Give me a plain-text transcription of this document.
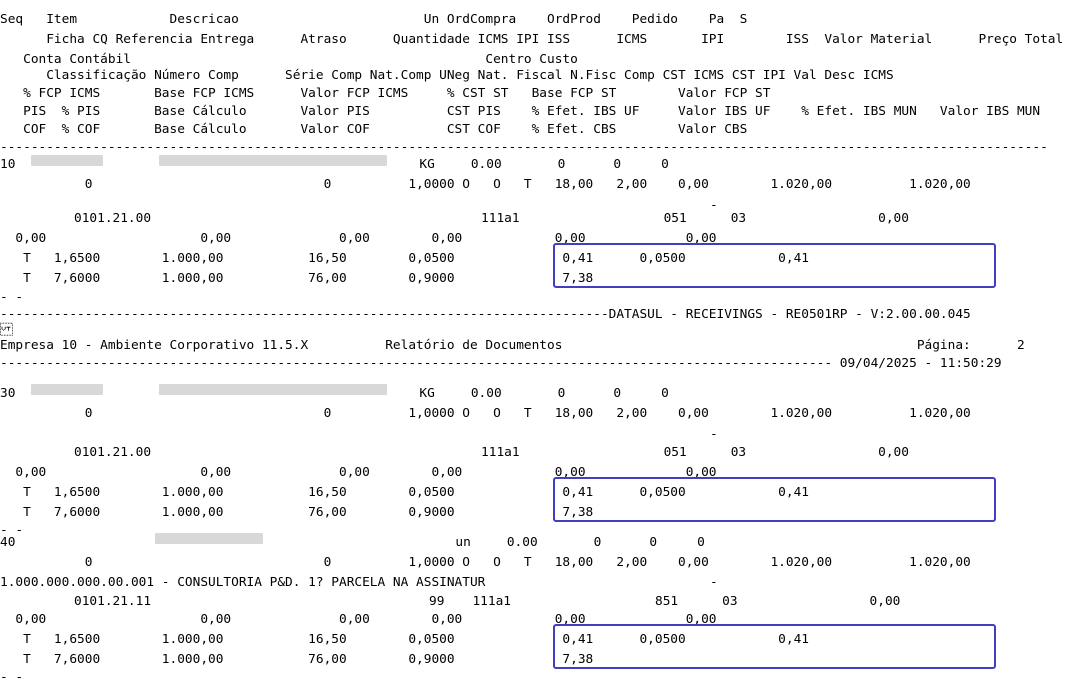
Seq   Item            Descricao                        Un OrdCompra    OrdProd    Pedido    Pa  S
Ficha CQ Referencia Entrega      Atraso      Quantidade ICMS IPI ISS      ICMS       IPI        ISS  Valor Material      Preço Total
Conta Contábil                                              Centro Custo
Classificação Número Comp      Série Comp Nat.Comp UNeg Nat. Fiscal N.Fisc Comp CST ICMS CST IPI Val Desc ICMS
% FCP ICMS       Base FCP ICMS      Valor FCP ICMS     % CST ST   Base FCP ST        Valor FCP ST
PIS  % PIS       Base Cálculo       Valor PIS          CST PIS    % Efet. IBS UF     Valor IBS UF    % Efet. IBS MUN   Valor IBS MUN
COF  % COF       Base Cálculo       Valor COF          CST COF    % Efet. CBS        Valor CBS
----------------------------------------------------------------------------------------------------------------------------------------
10	KG	0.00	0	0	0
0                              0          1,0000 O   O   T   18,00   2,00    0,00        1.020,00          1.020,00
-
0101.21.00	111a1	051	03	0,00
0,00                    0,00              0,00        0,00            0,00             0,00
T   1,6500        1.000,00           16,50        0,0500              0,41      0,0500            0,41
T   7,6000        1.000,00           76,00        0,9000              7,38
- -
-------------------------------------------------------------------------------DATASUL - RECEIVINGS - RE0501RP - V:2.00.00.045

Empresa 10 - Ambiente Corporativo 11.5.X          Relatório de Documentos                                              Página:      2
------------------------------------------------------------------------------------------------------------ 09/04/2025 - 11:50:29
30	KG	0.00	0	0	0
0                              0          1,0000 O   O   T   18,00   2,00    0,00        1.020,00          1.020,00
-
0101.21.00	111a1	051	03	0,00
0,00                    0,00              0,00        0,00            0,00             0,00
T   1,6500        1.000,00           16,50        0,0500              0,41      0,0500            0,41
T   7,6000        1.000,00           76,00        0,9000              7,38
- -
40	un	0.00	0	0	0
0                              0          1,0000 O   O   T   18,00   2,00    0,00        1.020,00          1.020,00
1.000.000.000.00.001 - CONSULTORIA P&D. 1? PARCELA NA ASSINATUR	-
0101.21.11	99 111a1	851	03	0,00
0,00                    0,00              0,00        0,00            0,00             0,00
T   1,6500        1.000,00           16,50        0,0500              0,41      0,0500            0,41
T   7,6000        1.000,00           76,00        0,9000              7,38
- -
